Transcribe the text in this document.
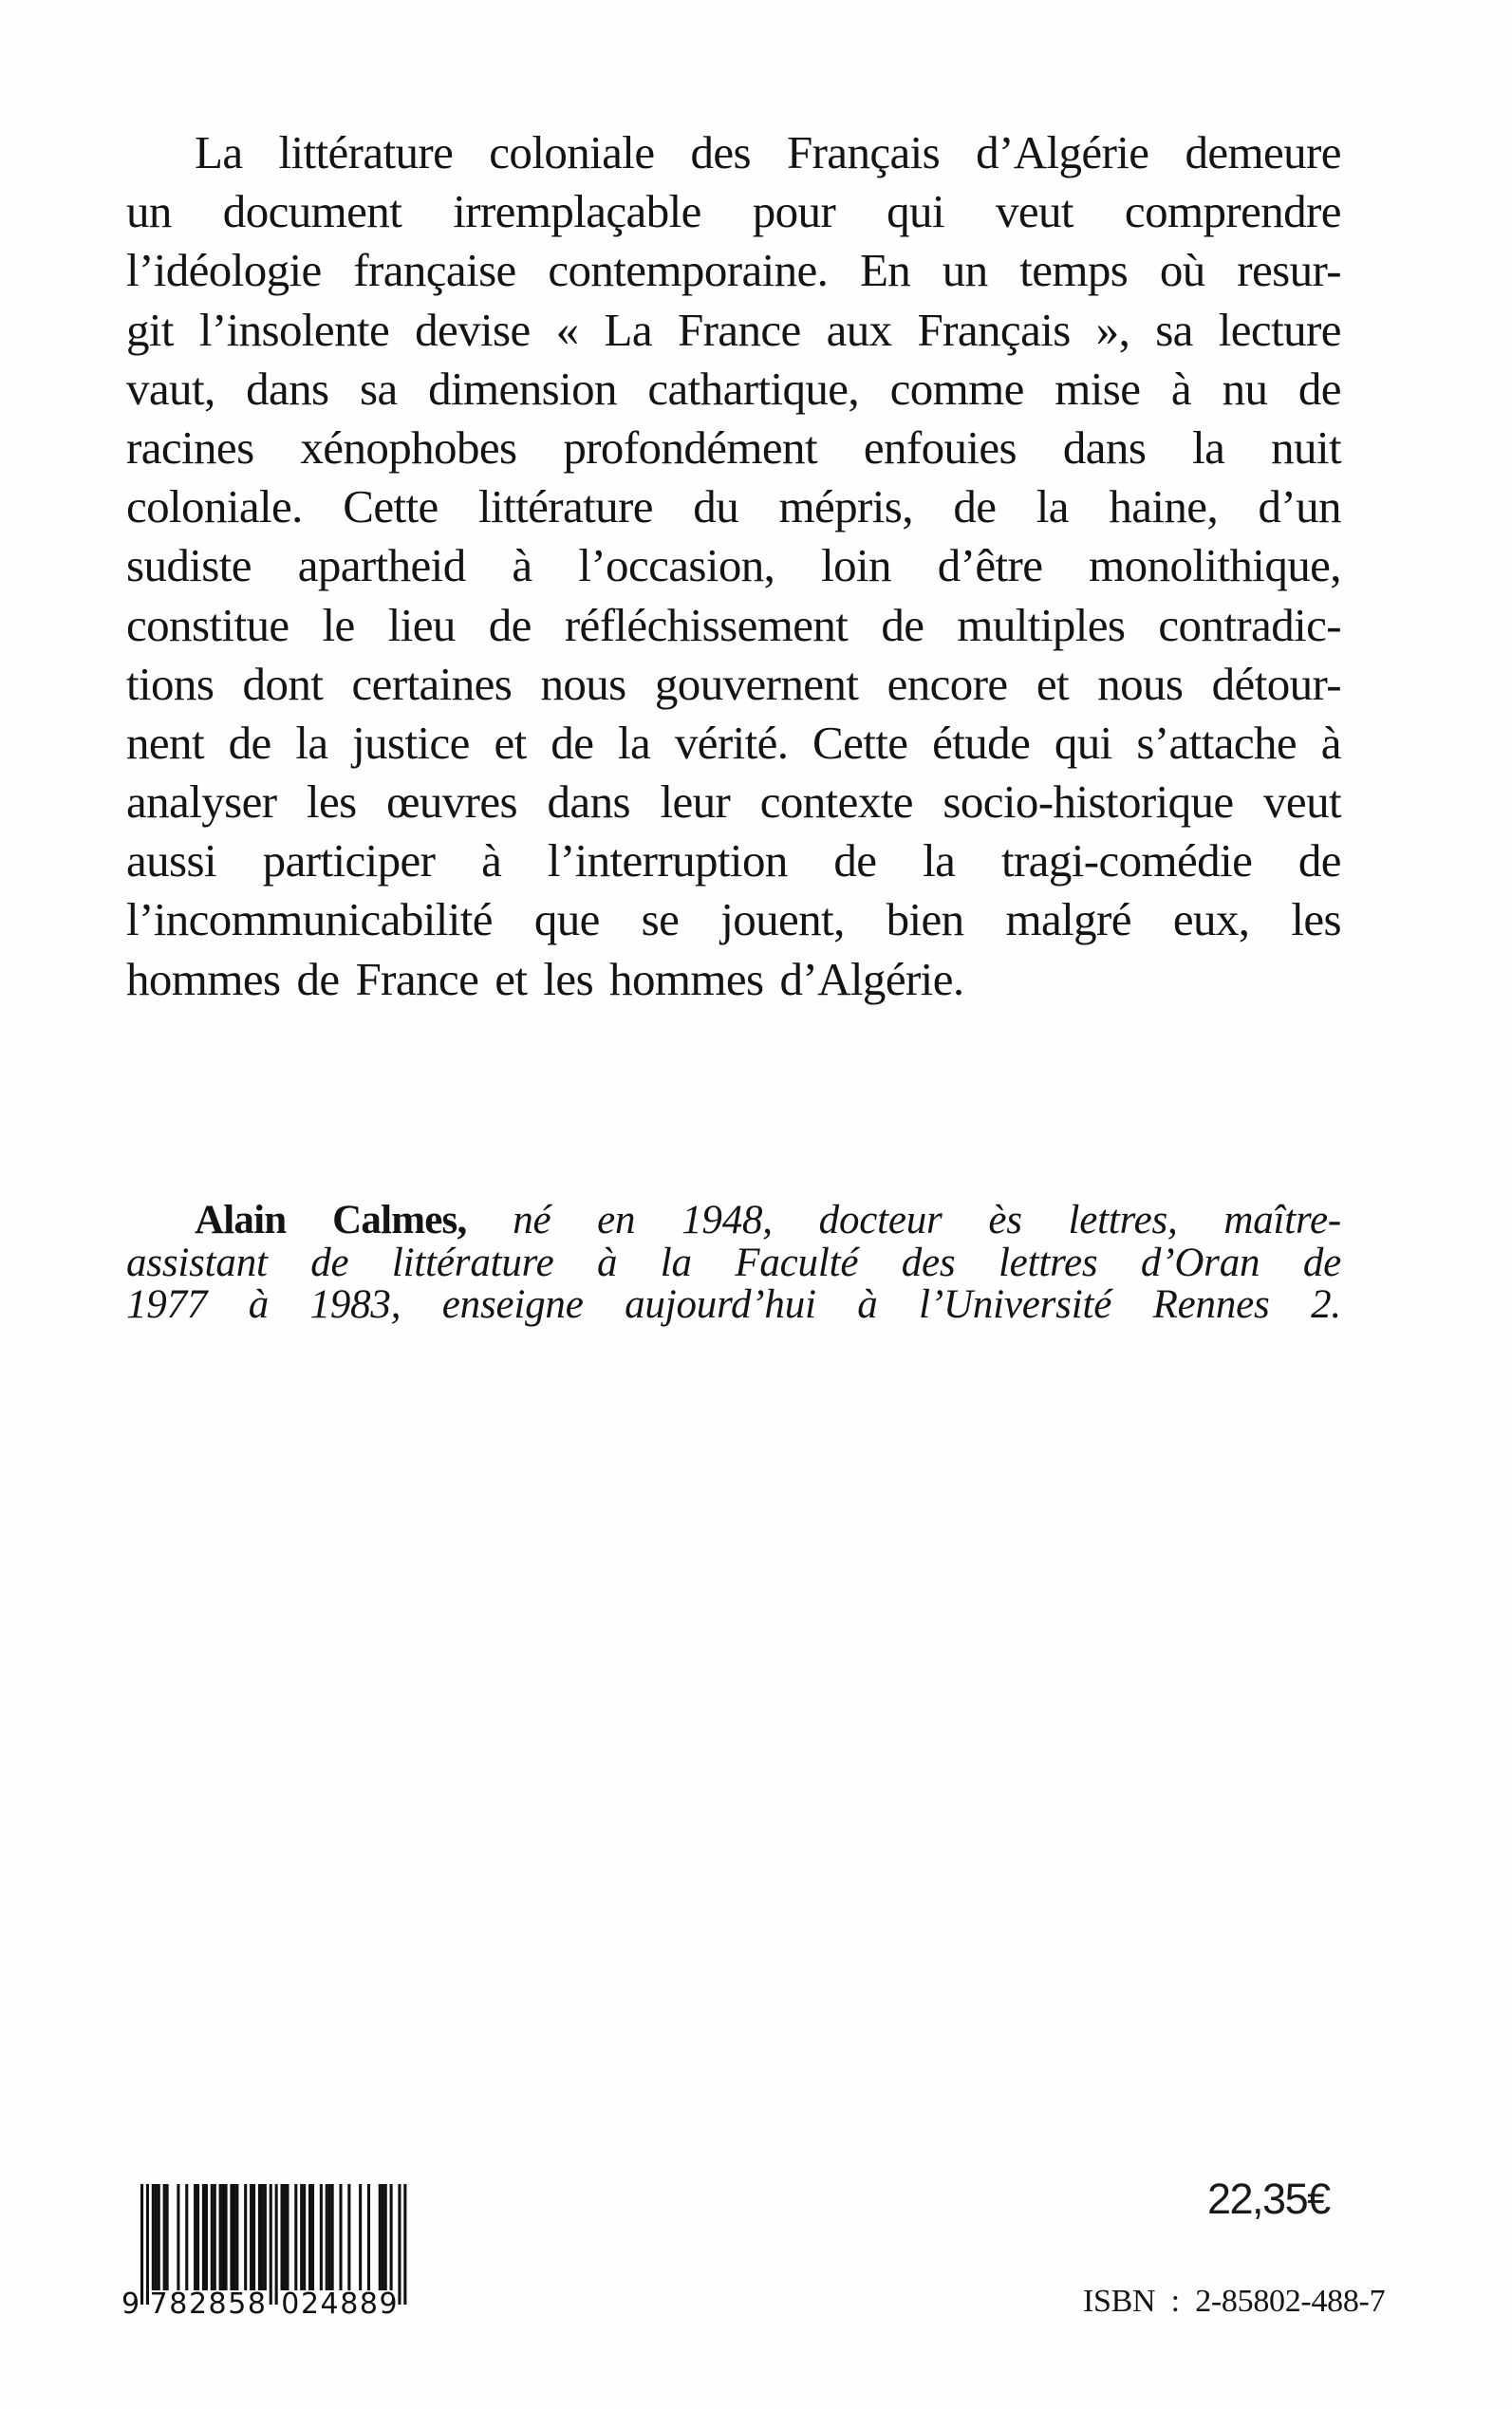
La littérature coloniale des Français d’Algérie demeure
un document irremplaçable pour qui veut comprendre
l’idéologie française contemporaine. En un temps où resur-
git l’insolente devise « La France aux Français », sa lecture
vaut, dans sa dimension cathartique, comme mise à nu de
racines xénophobes profondément enfouies dans la nuit
coloniale. Cette littérature du mépris, de la haine, d’un
sudiste apartheid à l’occasion, loin d’être monolithique,
constitue le lieu de réfléchissement de multiples contradic-
tions dont certaines nous gouvernent encore et nous détour-
nent de la justice et de la vérité. Cette étude qui s’attache à
analyser les œuvres dans leur contexte socio-historique veut
aussi participer à l’interruption de la tragi-comédie de
l’incommunicabilité que se jouent, bien malgré eux, les
hommes de France et les hommes d’Algérie.
Alain Calmes, né en 1948, docteur ès lettres, maître-
assistant de littérature à la Faculté des lettres d’Oran de
1977 à 1983, enseigne aujourd’hui à l’Université Rennes 2.
9 7 8 2 8 5 8 0 2 4 8 8 9
22,35€
ISBN  :  2-85802-488-7
